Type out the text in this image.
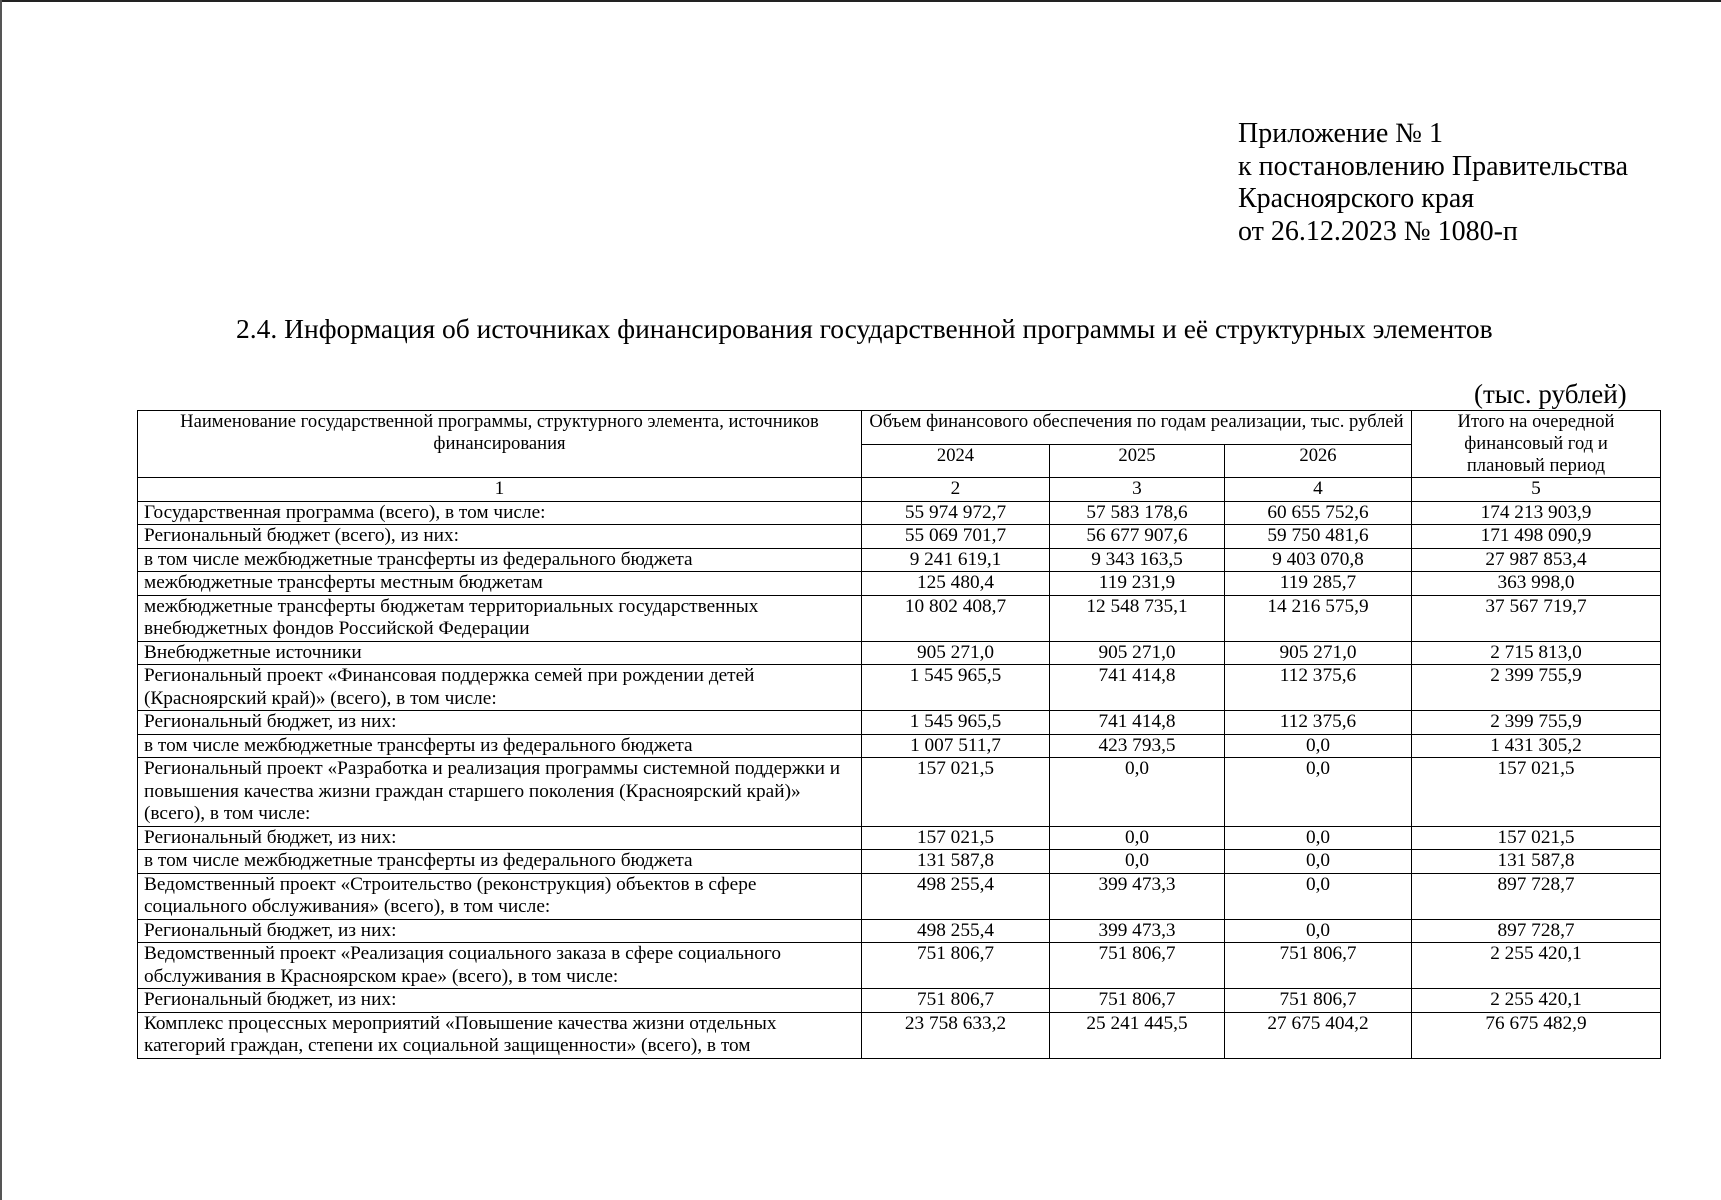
Приложение № 1
к постановлению Правительства
Красноярского края
от 26.12.2023 № 1080-п
2.4. Информация об источниках финансирования государственной программы и её структурных элементов
(тыс. рублей)
Наименование государственной программы, структурного элемента, источников финансирования	Объем финансового обеспечения по годам реализации, тыс. рублей			Итого на очередной финансовый год и плановый период
	2024	2025	2026	
1	2	3	4	5
Государственная программа (всего), в том числе:	55 974 972,7	57 583 178,6	60 655 752,6	174 213 903,9
Региональный бюджет (всего), из них:	55 069 701,7	56 677 907,6	59 750 481,6	171 498 090,9
в том числе межбюджетные трансферты из федерального бюджета	9 241 619,1	9 343 163,5	9 403 070,8	27 987 853,4
межбюджетные трансферты местным бюджетам	125 480,4	119 231,9	119 285,7	363 998,0
межбюджетные трансферты бюджетам территориальных государственных внебюджетных фондов Российской Федерации	10 802 408,7	12 548 735,1	14 216 575,9	37 567 719,7
Внебюджетные источники	905 271,0	905 271,0	905 271,0	2 715 813,0
Региональный проект «Финансовая поддержка семей при рождении детей (Красноярский край)» (всего), в том числе:	1 545 965,5	741 414,8	112 375,6	2 399 755,9
Региональный бюджет, из них:	1 545 965,5	741 414,8	112 375,6	2 399 755,9
в том числе межбюджетные трансферты из федерального бюджета	1 007 511,7	423 793,5	0,0	1 431 305,2
Региональный проект «Разработка и реализация программы системной поддержки и повышения качества жизни граждан старшего поколения (Красноярский край)» (всего), в том числе:	157 021,5	0,0	0,0	157 021,5
Региональный бюджет, из них:	157 021,5	0,0	0,0	157 021,5
в том числе межбюджетные трансферты из федерального бюджета	131 587,8	0,0	0,0	131 587,8
Ведомственный проект «Строительство (реконструкция) объектов в сфере социального обслуживания» (всего), в том числе:	498 255,4	399 473,3	0,0	897 728,7
Региональный бюджет, из них:	498 255,4	399 473,3	0,0	897 728,7
Ведомственный проект «Реализация социального заказа в сфере социального обслуживания в Красноярском крае» (всего), в том числе:	751 806,7	751 806,7	751 806,7	2 255 420,1
Региональный бюджет, из них:	751 806,7	751 806,7	751 806,7	2 255 420,1
Комплекс процессных мероприятий «Повышение качества жизни отдельных категорий граждан, степени их социальной защищенности» (всего), в том	23 758 633,2	25 241 445,5	27 675 404,2	76 675 482,9
